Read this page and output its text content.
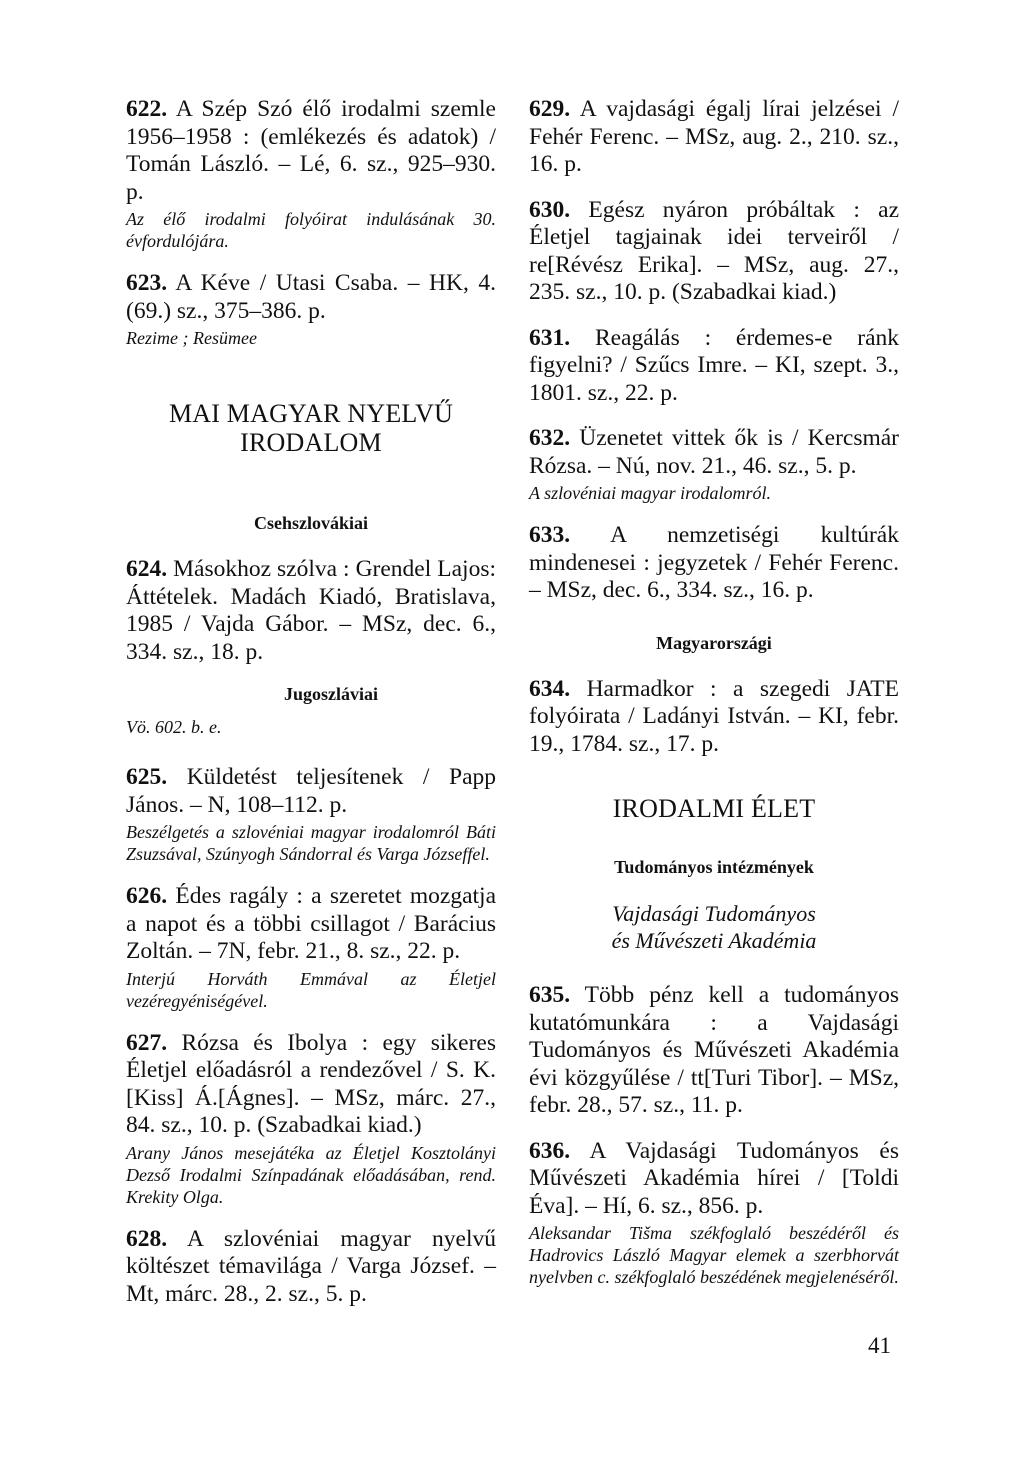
622. A Szép Szó élő irodalmi szemle 1956–1958 : (emlékezés és adatok) / Tomán László. – Lé, 6. sz., 925–930. p.

Az élő irodalmi folyóirat indulásának 30. évfordulójára.

623. A Kéve / Utasi Csaba. – HK, 4.(69.) sz., 375–386. p.

Rezime ; Resümee

MAI MAGYAR NYELVŰ IRODALOM
Csehszlovákiai

624. Másokhoz szólva : Grendel Lajos: Áttételek. Madách Kiadó, Bratislava, 1985 / Vajda Gábor. – MSz, dec. 6., 334. sz., 18. p.

Jugoszláviai
Vö. 602. b. e.

625. Küldetést teljesítenek / Papp János. – N, 108–112. p.

Beszélgetés a szlovéniai magyar irodalomról Báti Zsuzsával, Szúnyogh Sándorral és Varga Józseffel.

626. Édes ragály : a szeretet mozgatja a napot és a többi csillagot / Barácius Zoltán. – 7N, febr. 21., 8. sz., 22. p.

Interjú Horváth Emmával az Életjel vezéregyéniségével.

627. Rózsa és Ibolya : egy sikeres Életjel előadásról a rendezővel / S. K.[Kiss] Á.[Ágnes]. – MSz, márc. 27., 84. sz., 10. p. (Szabadkai kiad.)

Arany János mesejátéka az Életjel Kosztolányi Dezső Irodalmi Színpadának előadásában, rend. Krekity Olga.

628. A szlovéniai magyar nyelvű költészet témavilága / Varga József. – Mt, márc. 28., 2. sz., 5. p.

629. A vajdasági égalj lírai jelzései / Fehér Ferenc. – MSz, aug. 2., 210. sz., 16. p.

630. Egész nyáron próbáltak : az Életjel tagjainak idei terveiről / re[Révész Erika]. – MSz, aug. 27., 235. sz., 10. p. (Szabadkai kiad.)

631. Reagálás : érdemes-e ránk figyelni? / Szűcs Imre. – KI, szept. 3., 1801. sz., 22. p.

632. Üzenetet vittek ők is / Kercsmár Rózsa. – Nú, nov. 21., 46. sz., 5. p.

A szlovéniai magyar irodalomról.

633. A nemzetiségi kultúrák mindenesei : jegyzetek / Fehér Ferenc. – MSz, dec. 6., 334. sz., 16. p.

Magyarországi

634. Harmadkor : a szegedi JATE folyóirata / Ladányi István. – KI, febr. 19., 1784. sz., 17. p.

IRODALMI ÉLET
Tudományos intézmények
Vajdasági Tudományos
és Művészeti Akadémia

635. Több pénz kell a tudományos kutatómunkára : a Vajdasági Tudományos és Művészeti Akadémia évi közgyűlése / tt[Turi Tibor]. – MSz, febr. 28., 57. sz., 11. p.

636. A Vajdasági Tudományos és Művészeti Akadémia hírei / [Toldi Éva]. – Hí, 6. sz., 856. p.

Aleksandar Tišma székfoglaló beszédéről és Hadrovics László Magyar elemek a szerbhorvát nyelvben c. székfoglaló beszédének megjelenéséről.

41
